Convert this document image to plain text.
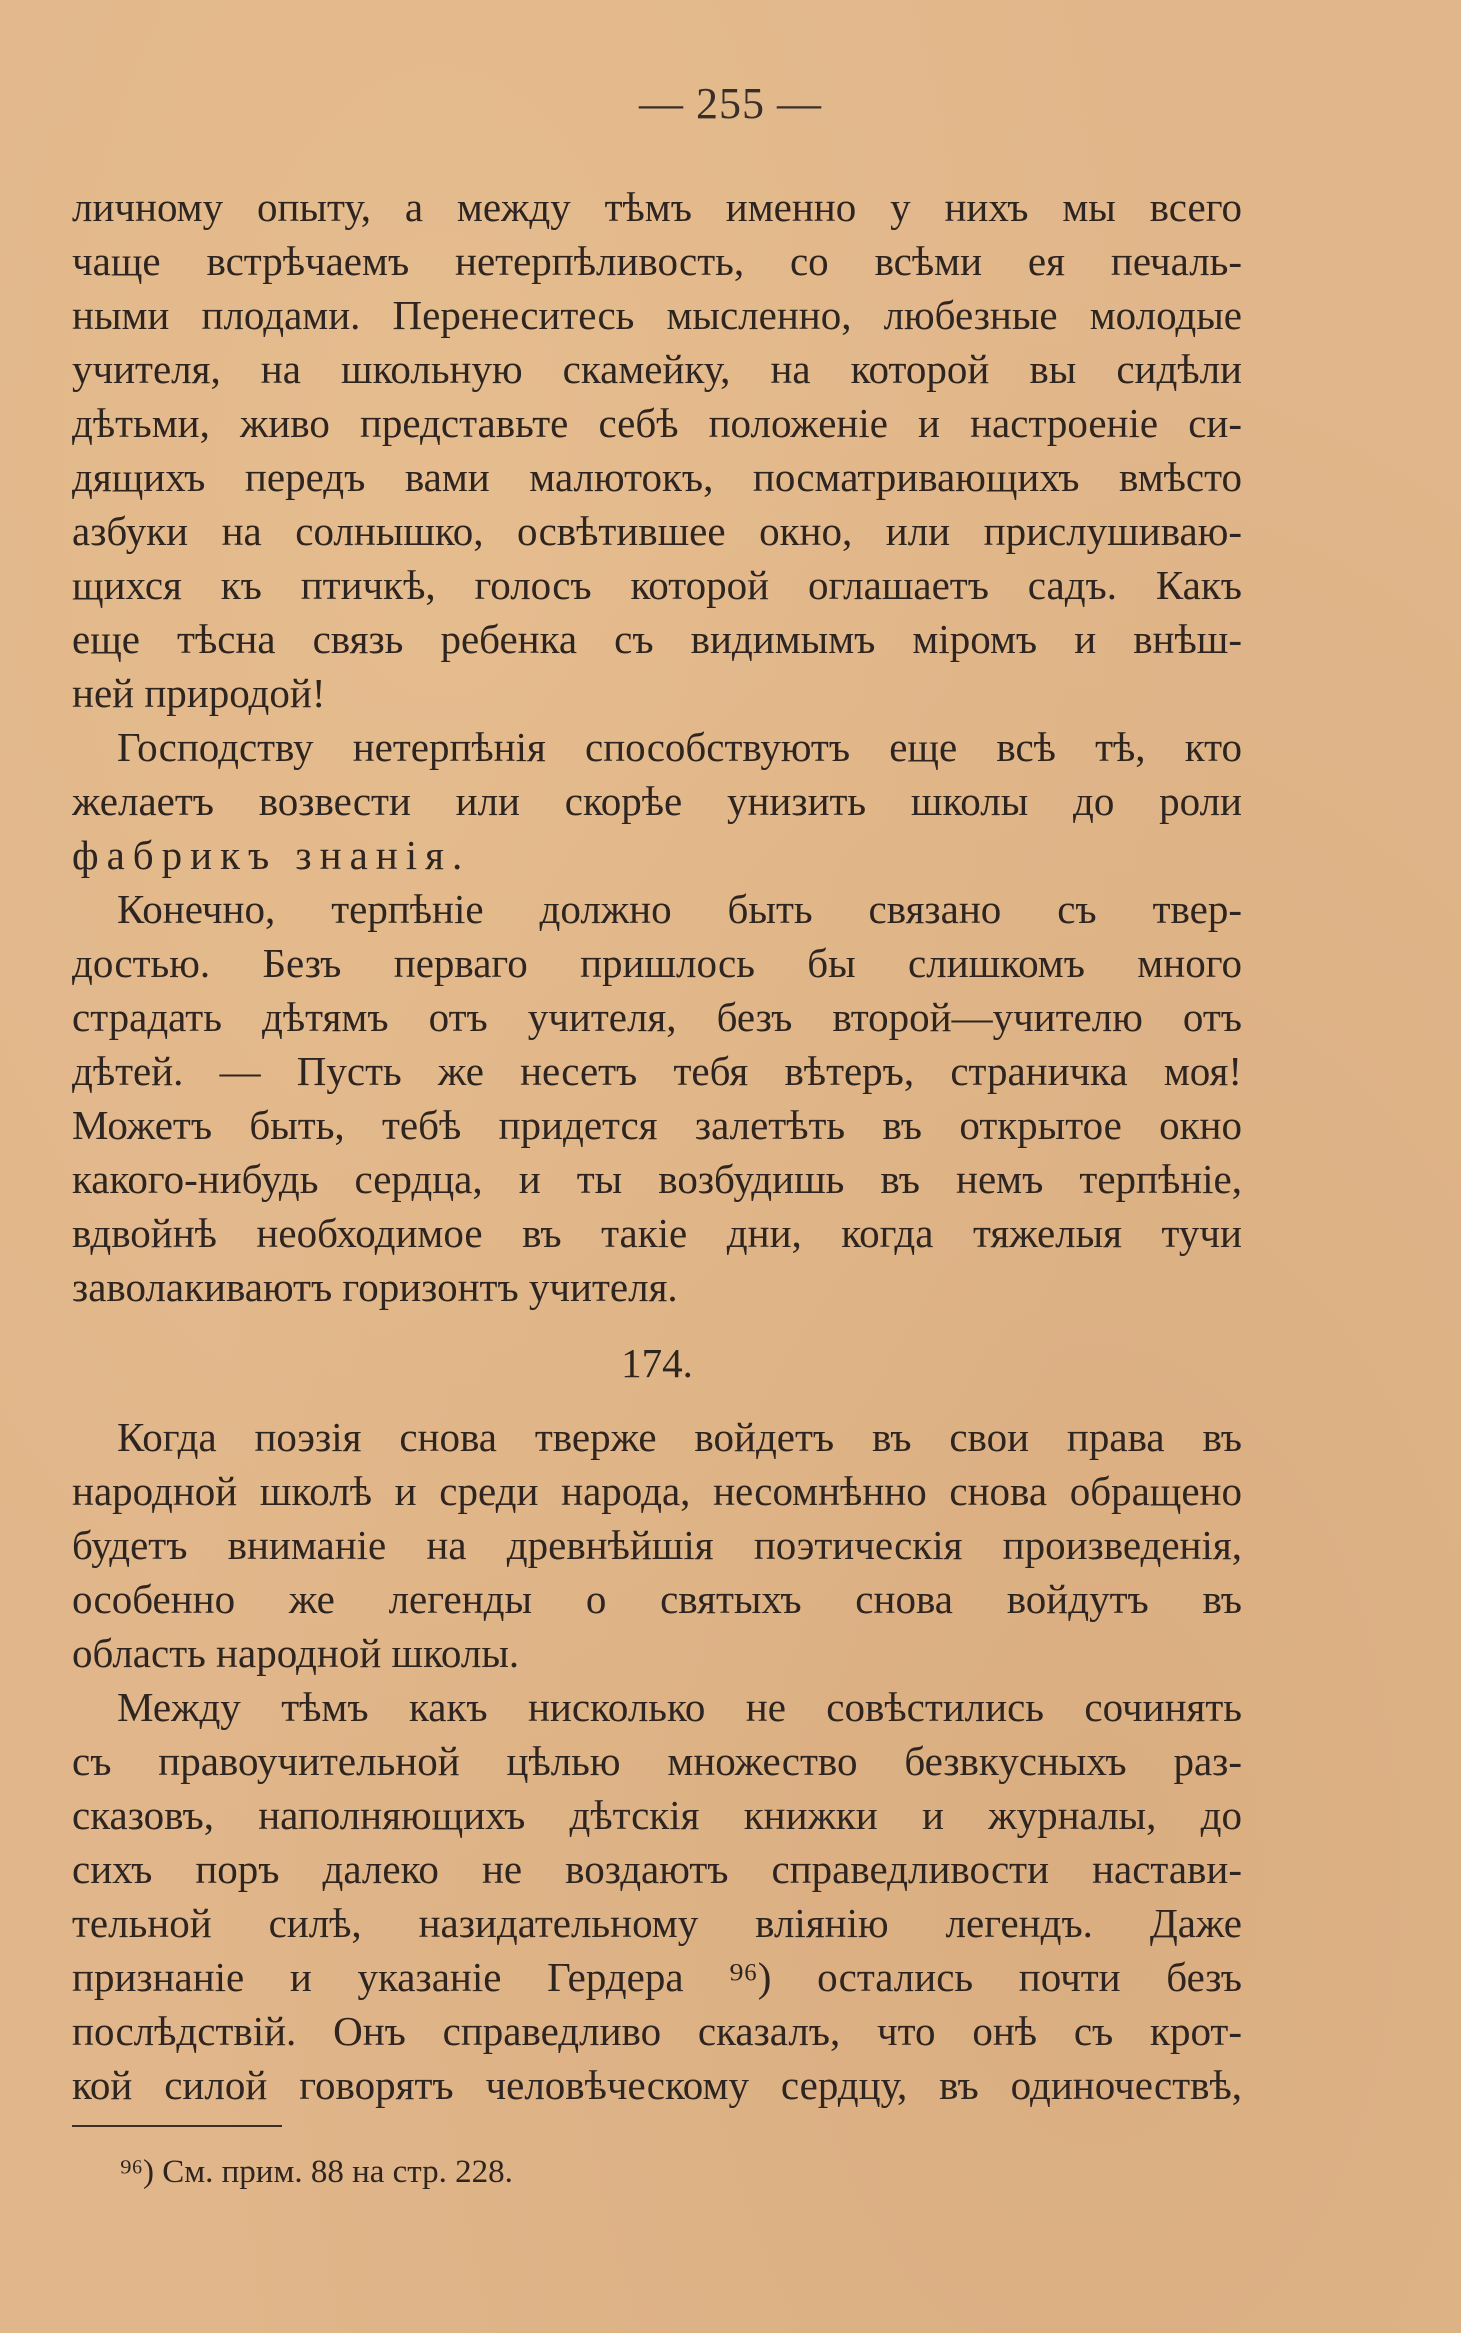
— 255 —
личному опыту, а между тѣмъ именно у нихъ мы всего
чаще встрѣчаемъ нетерпѣливость, со всѣми ея печаль-
ными плодами. Перенеситесь мысленно, любезные молодые
учителя, на школьную скамейку, на которой вы сидѣли
дѣтьми, живо представьте себѣ положеніе и настроеніе си-
дящихъ передъ вами малютокъ, посматривающихъ вмѣсто
азбуки на солнышко, освѣтившее окно, или прислушиваю-
щихся къ птичкѣ, голосъ которой оглашаетъ садъ. Какъ
еще тѣсна связь ребенка съ видимымъ міромъ и внѣш-
ней природой!
Господству нетерпѣнія способствуютъ еще всѣ тѣ, кто
желаетъ возвести или скорѣе унизить школы до роли
фабрикъ знанія.
Конечно, терпѣніе должно быть связано съ твер-
достью. Безъ перваго пришлось бы слишкомъ много
страдать дѣтямъ отъ учителя, безъ второй—учителю отъ
дѣтей. — Пусть же несетъ тебя вѣтеръ, страничка моя!
Можетъ быть, тебѣ придется залетѣть въ открытое окно
какого-нибудь сердца, и ты возбудишь въ немъ терпѣніе,
вдвойнѣ необходимое въ такіе дни, когда тяжелыя тучи
заволакиваютъ горизонтъ учителя.
174.
Когда поэзія снова тверже войдетъ въ свои права въ
народной школѣ и среди народа, несомнѣнно снова обращено
будетъ вниманіе на древнѣйшія поэтическія произведенія,
особенно же легенды о святыхъ снова войдутъ въ
область народной школы.
Между тѣмъ какъ нисколько не совѣстились сочинять
съ правоучительной цѣлью множество безвкусныхъ раз-
сказовъ, наполняющихъ дѣтскія книжки и журналы, до
сихъ поръ далеко не воздаютъ справедливости настави-
тельной силѣ, назидательному вліянію легендъ. Даже
признаніе и указаніе Гердера ⁹⁶) остались почти безъ
послѣдствій. Онъ справедливо сказалъ, что онѣ съ крот-
кой силой говорятъ человѣческому сердцу, въ одиночествѣ,
⁹⁶) См. прим. 88 на стр. 228.
